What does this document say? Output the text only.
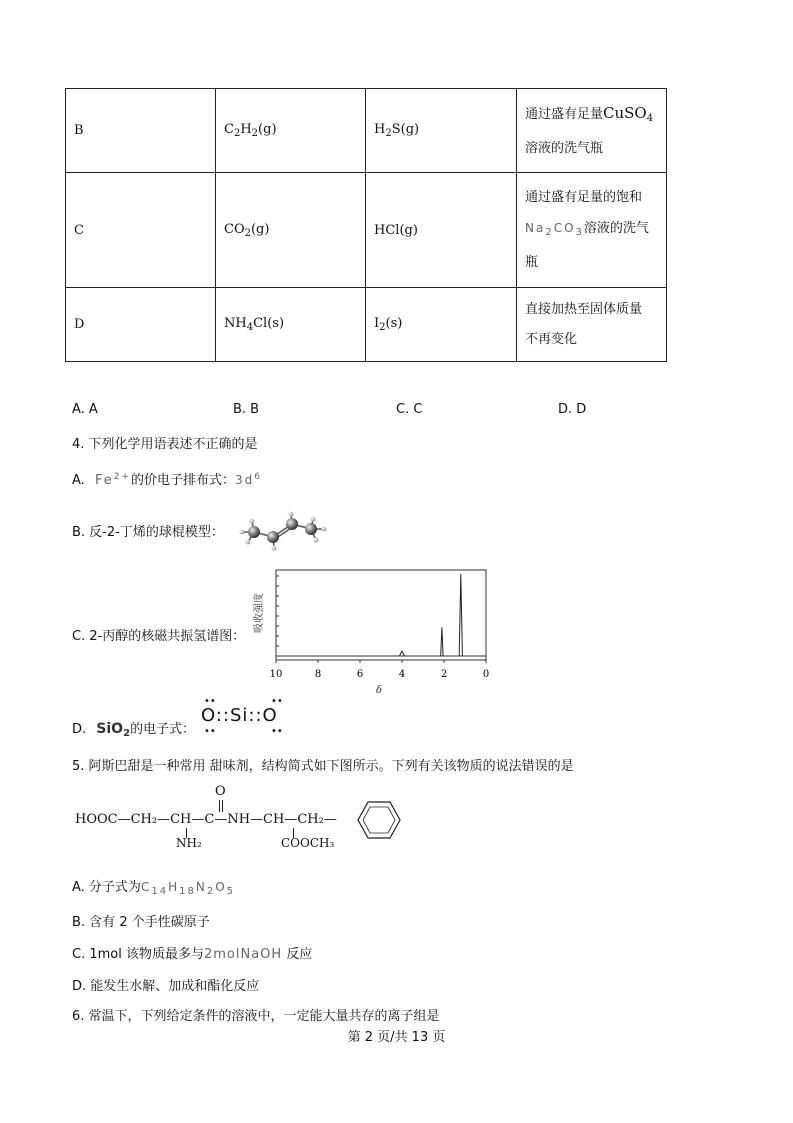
B	$C_2H_2(g)$	$H_2S(g)$	通过盛有足量CuSO$_4$
溶液的洗气瓶
C	$CO_2(g)$	HCl(g)	通过盛有足量的饱和
$Na_2CO_3$溶液的洗气
瓶
D	$NH_4Cl(s)$	$I_2(s)$	直接加热至固体质量
不再变化
A. A	B. B	C. C	D. D
4. 下列化学用语表述不正确的是
A. $Fe^{2+}$的价电子排布式：$3d^6$
B. 反-2-丁烯的球棍模型：
C. 2-丙醇的核磁共振氢谱图：
10	8	6	4	2	0
吸收强度
δ
D. SiO$_2$的电子式：
O::Si::O
••
••
••
••
5. 阿斯巴甜是一种常用 甜味剂，结构简式如下图所示。下列有关该物质的说法错误的是
O
HOOC—CH₂—CH—C—NH—CH—CH₂—
NH₂	COOCH₃
A. 分子式为$C_{14}H_{18}N_2O_5$
B. 含有 2 个手性碳原子
C. 1mol 该物质最多与2molNaOH 反应
D. 能发生水解、加成和酯化反应
6. 常温下，下列给定条件的溶液中，一定能大量共存的离子组是
第 2 页/共 13 页
